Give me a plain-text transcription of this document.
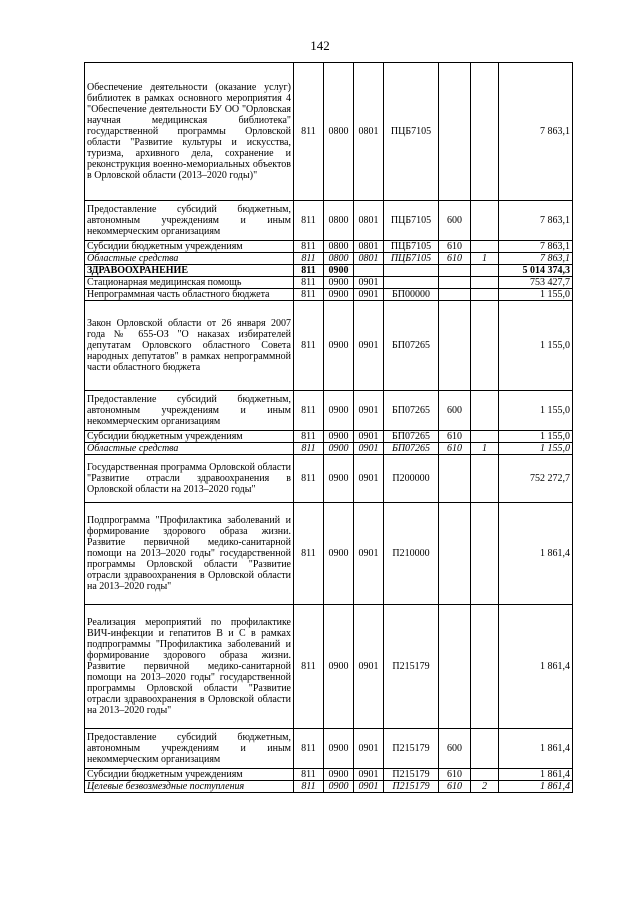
142
Обеспечение деятельности (оказание услуг) библиотек в рамках основного мероприятия 4 "Обеспечение деятельности БУ ОО "Орловская научная медицинская библиотека" государственной программы Орловской области "Развитие культуры и искусства, туризма, архивного дела, сохранение и реконструкция военно-мемориальных объектов в Орловской области (2013–2020 годы)"	811	0800	0801	ПЦБ7105			7 863,1
Предоставление субсидий бюджетным, автономным учреждениям и иным некоммерческим организациям	811	0800	0801	ПЦБ7105	600		7 863,1
Субсидии бюджетным учреждениям	811	0800	0801	ПЦБ7105	610		7 863,1
Областные средства	811	0800	0801	ПЦБ7105	610	1	7 863,1
ЗДРАВООХРАНЕНИЕ	811	0900					5 014 374,3
Стационарная медицинская помощь	811	0900	0901				753 427,7
Непрограммная часть областного бюджета	811	0900	0901	БП00000			1 155,0
Закон Орловской области от 26 января 2007 года № 655-ОЗ "О наказах избирателей депутатам Орловского областного Совета народных депутатов" в рамках непрограммной части областного бюджета	811	0900	0901	БП07265			1 155,0
Предоставление субсидий бюджетным, автономным учреждениям и иным некоммерческим организациям	811	0900	0901	БП07265	600		1 155,0
Субсидии бюджетным учреждениям	811	0900	0901	БП07265	610		1 155,0
Областные средства	811	0900	0901	БП07265	610	1	1 155,0
Государственная программа Орловской области "Развитие отрасли здравоохранения в Орловской области на 2013–2020 годы"	811	0900	0901	П200000			752 272,7
Подпрограмма "Профилактика заболеваний и формирование здорового образа жизни. Развитие первичной медико-санитарной помощи на 2013–2020 годы" государственной программы Орловской области "Развитие отрасли здравоохранения в Орловской области на 2013–2020 годы"	811	0900	0901	П210000			1 861,4
Реализация мероприятий по профилактике ВИЧ-инфекции и гепатитов В и С в рамках подпрограммы "Профилактика заболеваний и формирование здорового образа жизни. Развитие первичной медико-санитарной помощи на 2013–2020 годы" государственной программы Орловской области "Развитие отрасли здравоохранения в Орловской области на 2013–2020 годы"	811	0900	0901	П215179			1 861,4
Предоставление субсидий бюджетным, автономным учреждениям и иным некоммерческим организациям	811	0900	0901	П215179	600		1 861,4
Субсидии бюджетным учреждениям	811	0900	0901	П215179	610		1 861,4
Целевые безвозмездные поступления	811	0900	0901	П215179	610	2	1 861,4
